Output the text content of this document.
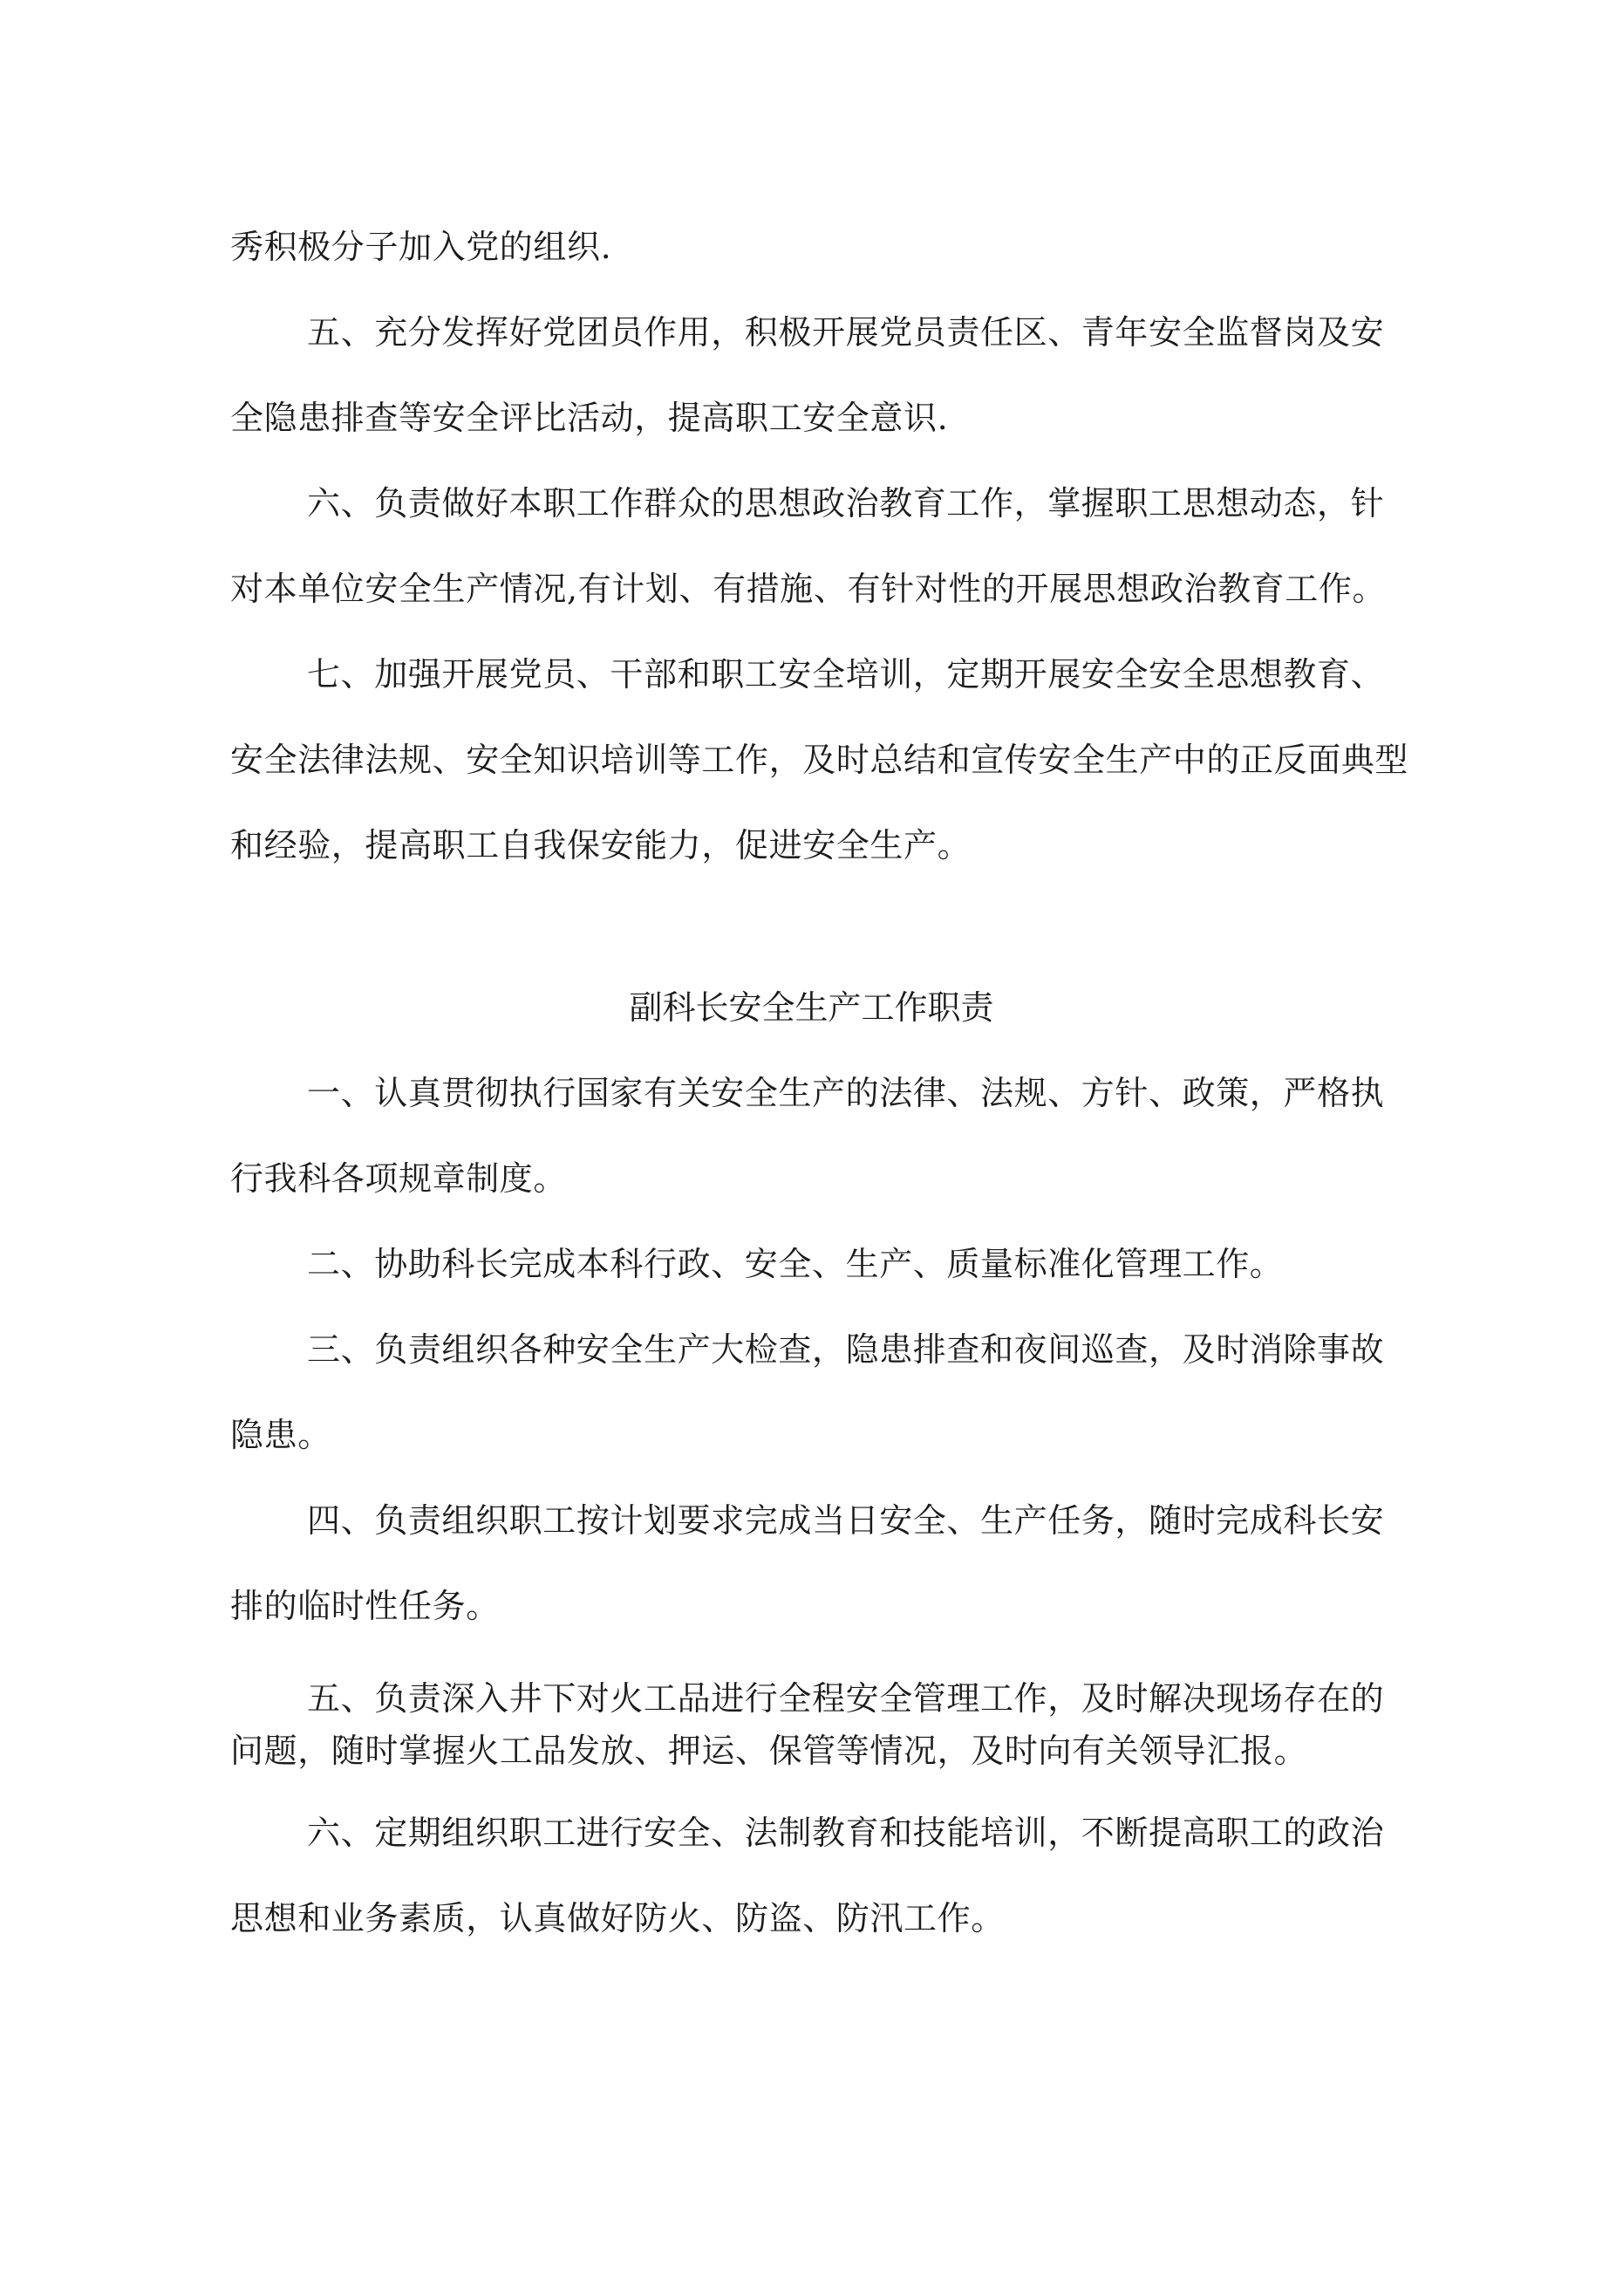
秀积极分子加入党的组织.
五、充分发挥好党团员作用，积极开展党员责任区、青年安全监督岗及安
全隐患排查等安全评比活动，提高职工安全意识.
六、负责做好本职工作群众的思想政治教育工作，掌握职工思想动态，针
对本单位安全生产情况,有计划、有措施、有针对性的开展思想政治教育工作。
七、加强开展党员、干部和职工安全培训，定期开展安全安全思想教育、
安全法律法规、安全知识培训等工作，及时总结和宣传安全生产中的正反面典型
和经验，提高职工自我保安能力，促进安全生产。
副科长安全生产工作职责
一、认真贯彻执行国家有关安全生产的法律、法规、方针、政策，严格执
行我科各项规章制度。
二、协助科长完成本科行政、安全、生产、质量标准化管理工作。
三、负责组织各种安全生产大检查，隐患排查和夜间巡查，及时消除事故
隐患。
四、负责组织职工按计划要求完成当日安全、生产任务，随时完成科长安
排的临时性任务。
五、负责深入井下对火工品进行全程安全管理工作，及时解决现场存在的
问题，随时掌握火工品发放、押运、保管等情况，及时向有关领导汇报。
六、定期组织职工进行安全、法制教育和技能培训，不断提高职工的政治
思想和业务素质，认真做好防火、防盗、防汛工作。
